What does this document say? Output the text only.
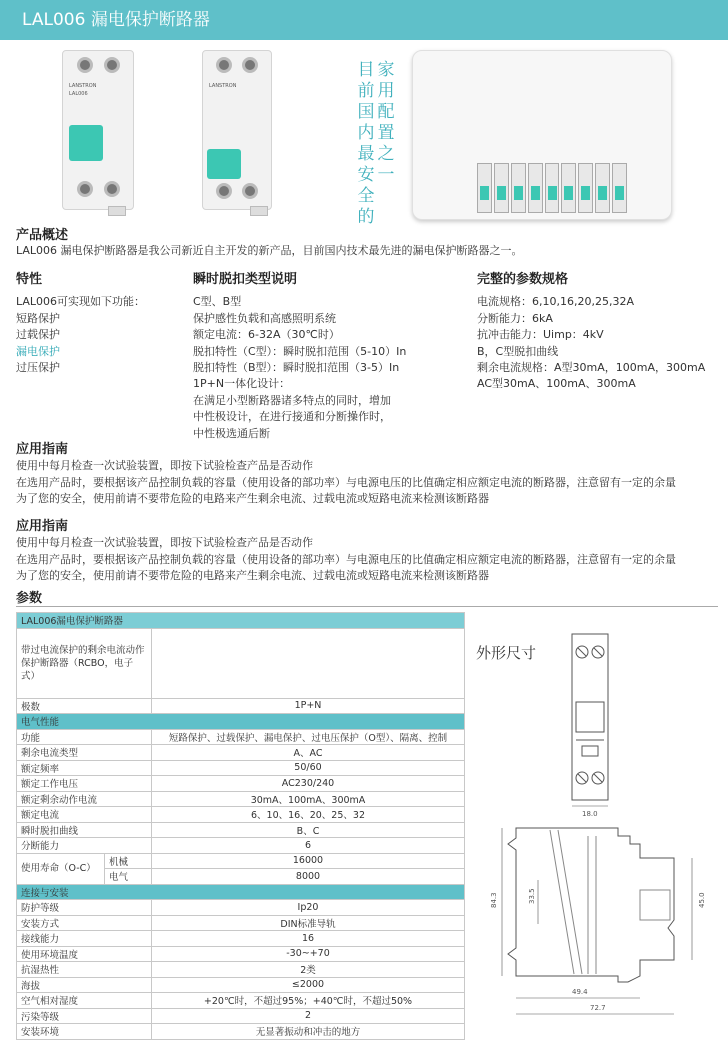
LAL006 漏电保护断路器
LANSTRON
LAL006
LANSTRON
目前国内最安全的
家用配置之一
产品概述
LAL006 漏电保护断路器是我公司新近自主开发的新产品，目前国内技术最先进的漏电保护断路器之一。
特性
LAL006可实现如下功能：
短路保护
过载保护
漏电保护
过压保护
瞬时脱扣类型说明
C型、B型
保护感性负载和高感照明系统
额定电流：6-32A（30℃时）
脱扣特性（C型）：瞬时脱扣范围（5-10）In
脱扣特性（B型）：瞬时脱扣范围（3-5）In
1P+N一体化设计：
在满足小型断路器诸多特点的同时，增加
中性极设计，在进行接通和分断操作时，
中性极选通后断
完整的参数规格
电流规格：6,10,16,20,25,32A
分断能力：6kA
抗冲击能力：Uimp：4kV
B，C型脱扣曲线
剩余电流规格：A型30mA，100mA，300mA
AC型30mA、100mA、300mA
应用指南
使用中每月检查一次试验装置，即按下试验检查产品是否动作
在选用产品时，要根据该产品控制负载的容量（使用设备的部功率）与电源电压的比值确定相应额定电流的断路器，注意留有一定的余量
为了您的安全，使用前请不要带危险的电路来产生剩余电流、过载电流或短路电流来检测该断路器
应用指南
使用中每月检查一次试验装置，即按下试验检查产品是否动作
在选用产品时，要根据该产品控制负载的容量（使用设备的部功率）与电源电压的比值确定相应额定电流的断路器，注意留有一定的余量
为了您的安全，使用前请不要带危险的电路来产生剩余电流、过载电流或短路电流来检测该断路器
参数
LAL006漏电保护断路器		
带过电流保护的剩余电流动作保护断路器（RCBO，电子式）		
极数		1P+N
电气性能		
功能		短路保护、过载保护、漏电保护、过电压保护（O型）、隔离、控制
剩余电流类型		A、AC
额定频率		50/60
额定工作电压		AC230/240
额定剩余动作电流		30mA、100mA、300mA
额定电流		6、10、16、20、25、32
瞬时脱扣曲线		B、C
分断能力		6
使用寿命（O-C）	机械	16000
	电气	8000
连接与安装		
防护等级		Ip20
安装方式		DIN标准导轨
接线能力		16
使用环境温度		-30~+70
抗湿热性		2类
海拔		≤2000
空气相对湿度		+20℃时，不超过95%；+40℃时，不超过50%
污染等级		2
安装环境		无显著振动和冲击的地方
外形尺寸
18.0
84.3	33.5	45.0
49.4
72.7
